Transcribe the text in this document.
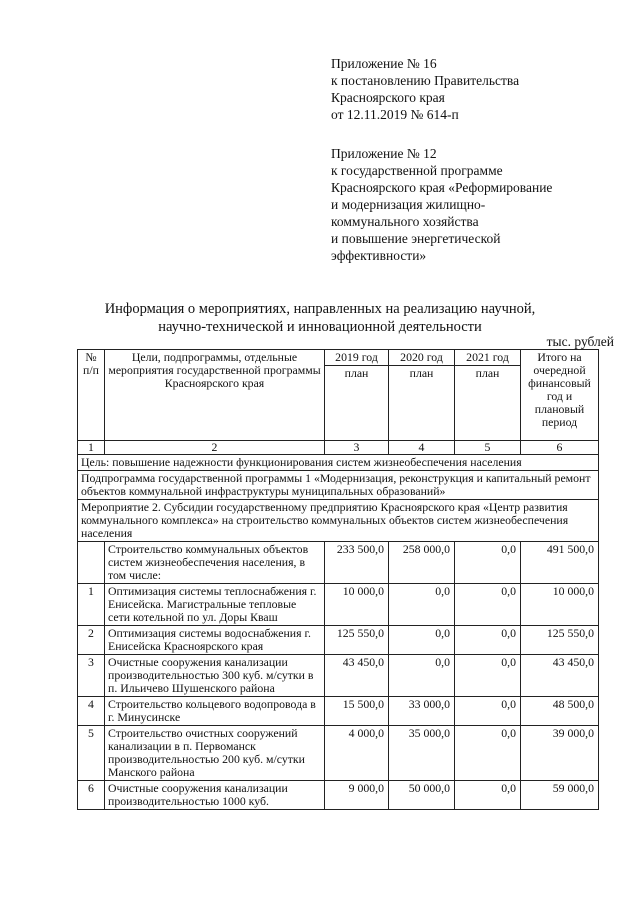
Приложение № 16
к постановлению Правительства
Красноярского края
от 12.11.2019 № 614-п
Приложение № 12
к государственной программе
Красноярского края «Реформирование
и модернизация жилищно-
коммунального хозяйства
и повышение энергетической
эффективности»
Информация о мероприятиях, направленных на реализацию научной,
научно-технической и инновационной деятельности
тыс. рублей
№ п/п	Цели, подпрограммы, отдельные мероприятия государственной программы Красноярского края	2019 год	2020 год	2021 год	Итого на очередной финансовый год и плановый период
		план	план	план	
1	2	3	4	5	6
Цель: повышение надежности функционирования систем жизнеобеспечения населения					
Подпрограмма государственной программы 1 «Модернизация, реконструкция и капитальный ремонт объектов коммунальной инфраструктуры муниципальных образований»					
Мероприятие 2. Субсидии государственному предприятию Красноярского края «Центр развития коммунального комплекса» на строительство коммунальных объектов систем жизнеобеспечения населения					
	Строительство коммунальных объектов систем жизнеобеспечения населения, в том числе:	233 500,0	258 000,0	0,0	491 500,0
1	Оптимизация системы теплоснабжения г. Енисейска. Магистральные тепловые сети котельной по ул. Доры Кваш	10 000,0	0,0	0,0	10 000,0
2	Оптимизация системы водоснабжения г. Енисейска Красноярского края	125 550,0	0,0	0,0	125 550,0
3	Очистные сооружения канализации производительностью 300 куб. м/сутки в п. Ильичево Шушенского района	43 450,0	0,0	0,0	43 450,0
4	Строительство кольцевого водопровода в г. Минусинске	15 500,0	33 000,0	0,0	48 500,0
5	Строительство очистных сооружений канализации в п. Первоманск производительностью 200 куб. м/сутки Манского района	4 000,0	35 000,0	0,0	39 000,0
6	Очистные сооружения канализации производительностью 1000 куб.	9 000,0	50 000,0	0,0	59 000,0
